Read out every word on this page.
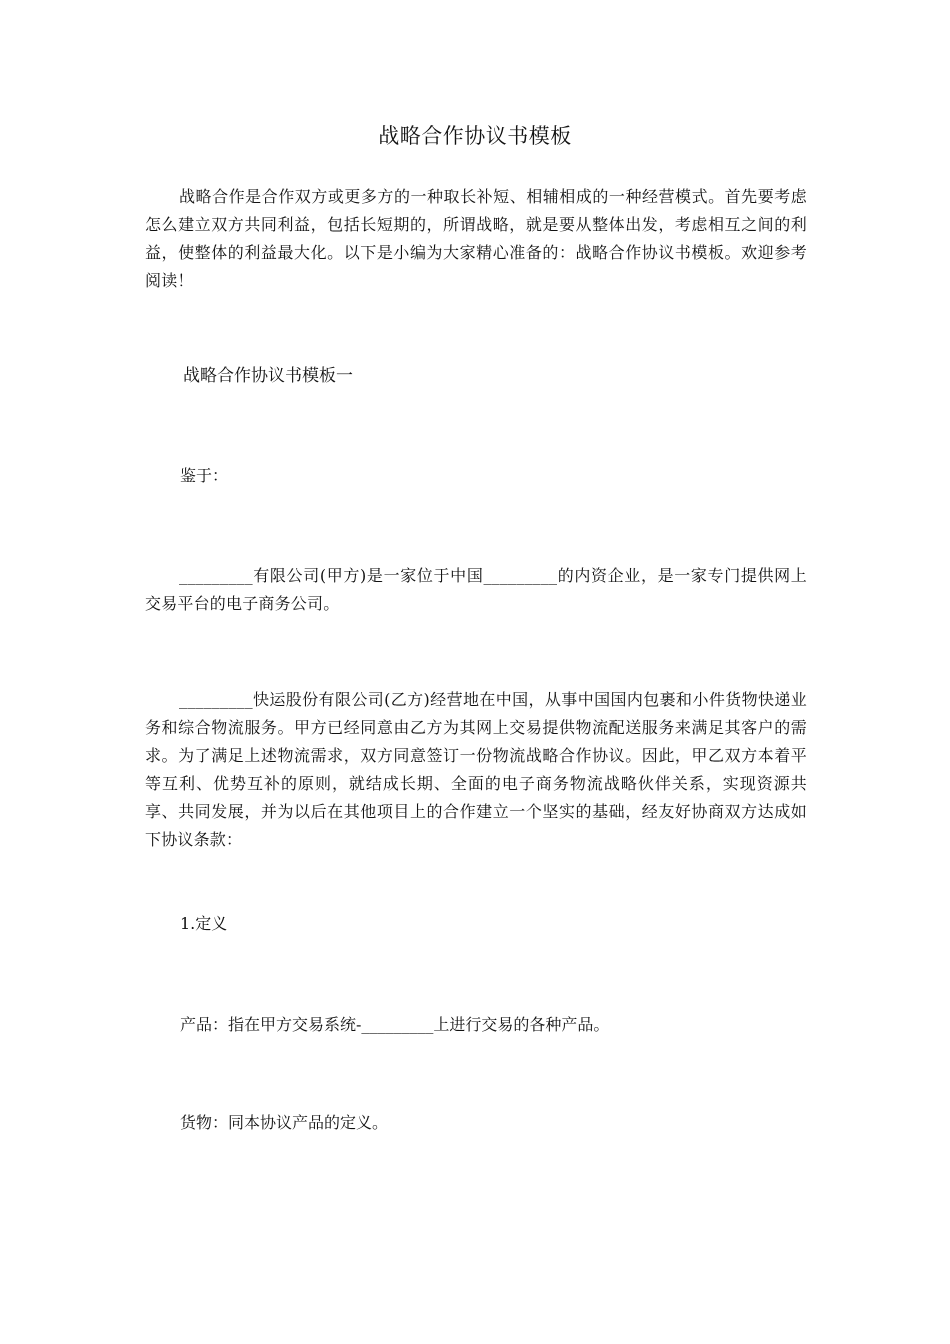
战略合作协议书模板
战略合作是合作双方或更多方的一种取长补短、相辅相成的一种经营模式。首先要考虑怎么建立双方共同利益，包括长短期的，所谓战略，就是要从整体出发，考虑相互之间的利益，使整体的利益最大化。以下是小编为大家精心准备的：战略合作协议书模板。欢迎参考阅读！
战略合作协议书模板一
鉴于：
_________有限公司(甲方)是一家位于中国_________的内资企业，是一家专门提供网上交易平台的电子商务公司。
_________快运股份有限公司(乙方)经营地在中国，从事中国国内包裹和小件货物快递业务和综合物流服务。甲方已经同意由乙方为其网上交易提供物流配送服务来满足其客户的需求。为了满足上述物流需求，双方同意签订一份物流战略合作协议。因此，甲乙双方本着平等互利、优势互补的原则，就结成长期、全面的电子商务物流战略伙伴关系，实现资源共享、共同发展，并为以后在其他项目上的合作建立一个坚实的基础，经友好协商双方达成如下协议条款：
1.定义
产品：指在甲方交易系统-_________上进行交易的各种产品。
货物：同本协议产品的定义。
